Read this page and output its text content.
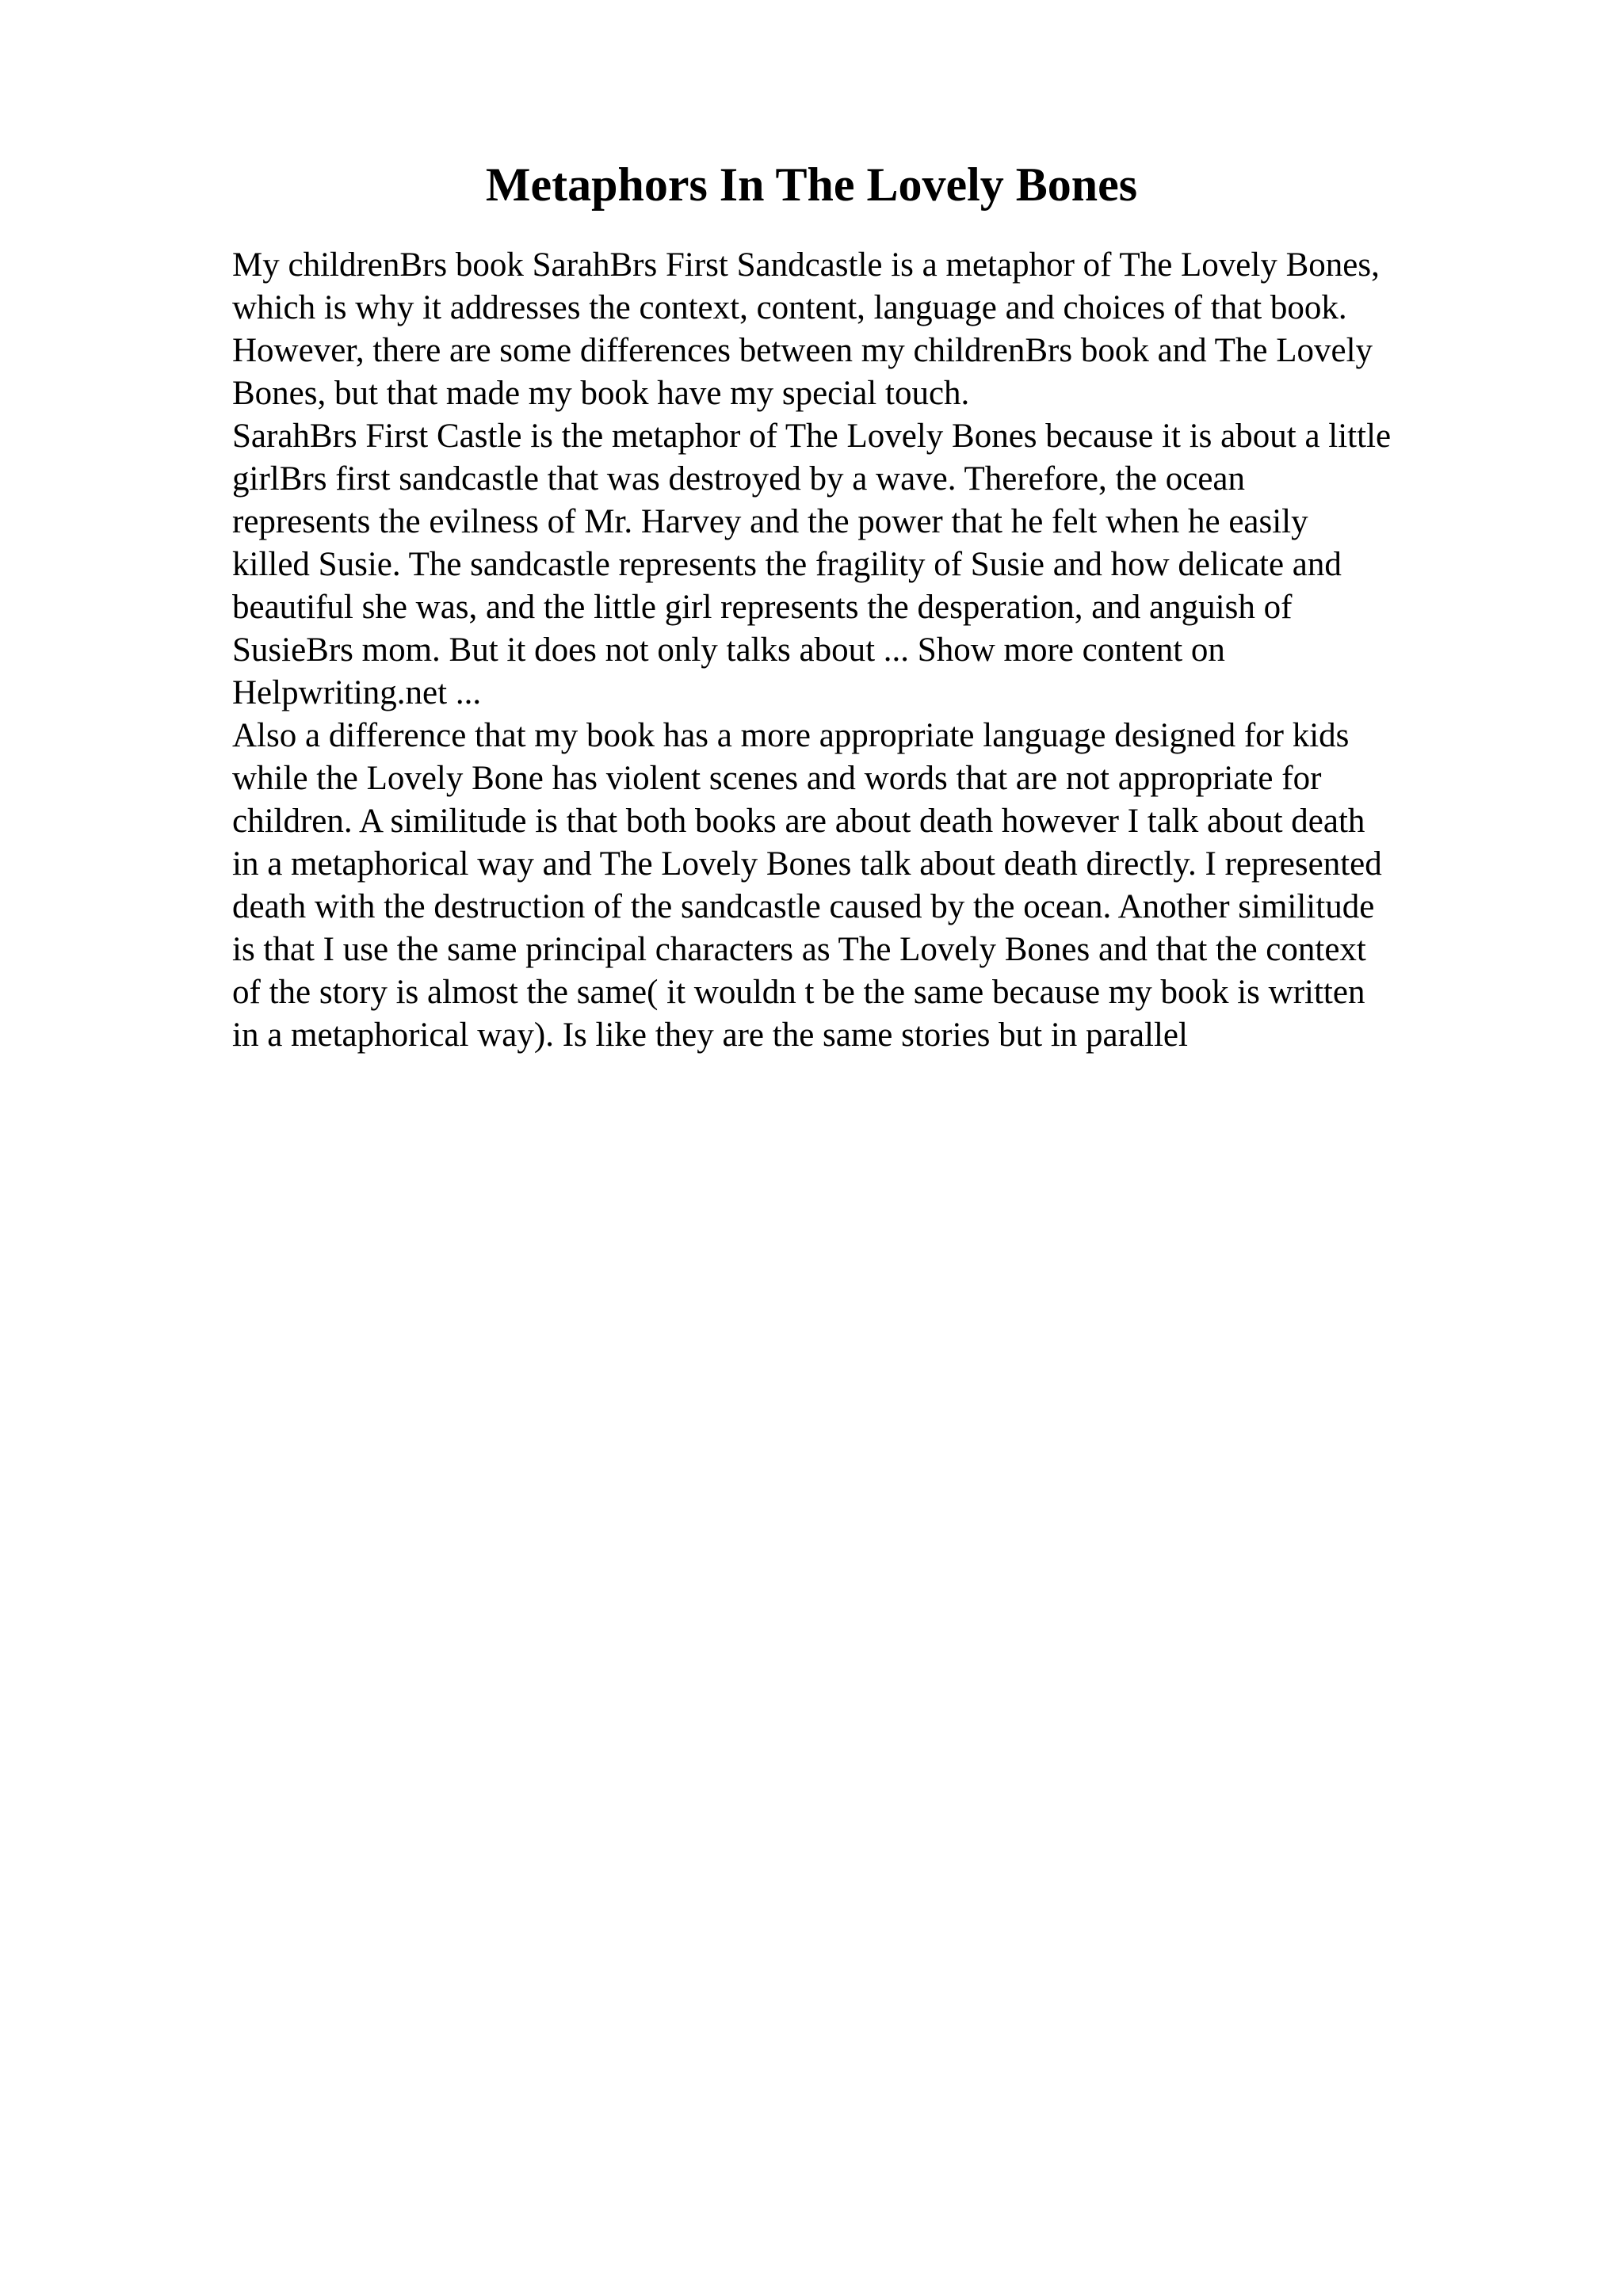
Metaphors In The Lovely Bones
My childrenBrs book SarahBrs First Sandcastle is a metaphor of The Lovely Bones,
which is why it addresses the context, content, language and choices of that book.
However, there are some differences between my childrenBrs book and The Lovely
Bones, but that made my book have my special touch.
SarahBrs First Castle is the metaphor of The Lovely Bones because it is about a little
girlBrs first sandcastle that was destroyed by a wave. Therefore, the ocean
represents the evilness of Mr. Harvey and the power that he felt when he easily
killed Susie. The sandcastle represents the fragility of Susie and how delicate and
beautiful she was, and the little girl represents the desperation, and anguish of
SusieBrs mom. But it does not only talks about ... Show more content on
Helpwriting.net ...
Also a difference that my book has a more appropriate language designed for kids
while the Lovely Bone has violent scenes and words that are not appropriate for
children. A similitude is that both books are about death however I talk about death
in a metaphorical way and The Lovely Bones talk about death directly. I represented
death with the destruction of the sandcastle caused by the ocean. Another similitude
is that I use the same principal characters as The Lovely Bones and that the context
of the story is almost the same( it wouldn t be the same because my book is written
in a metaphorical way). Is like they are the same stories but in parallel
